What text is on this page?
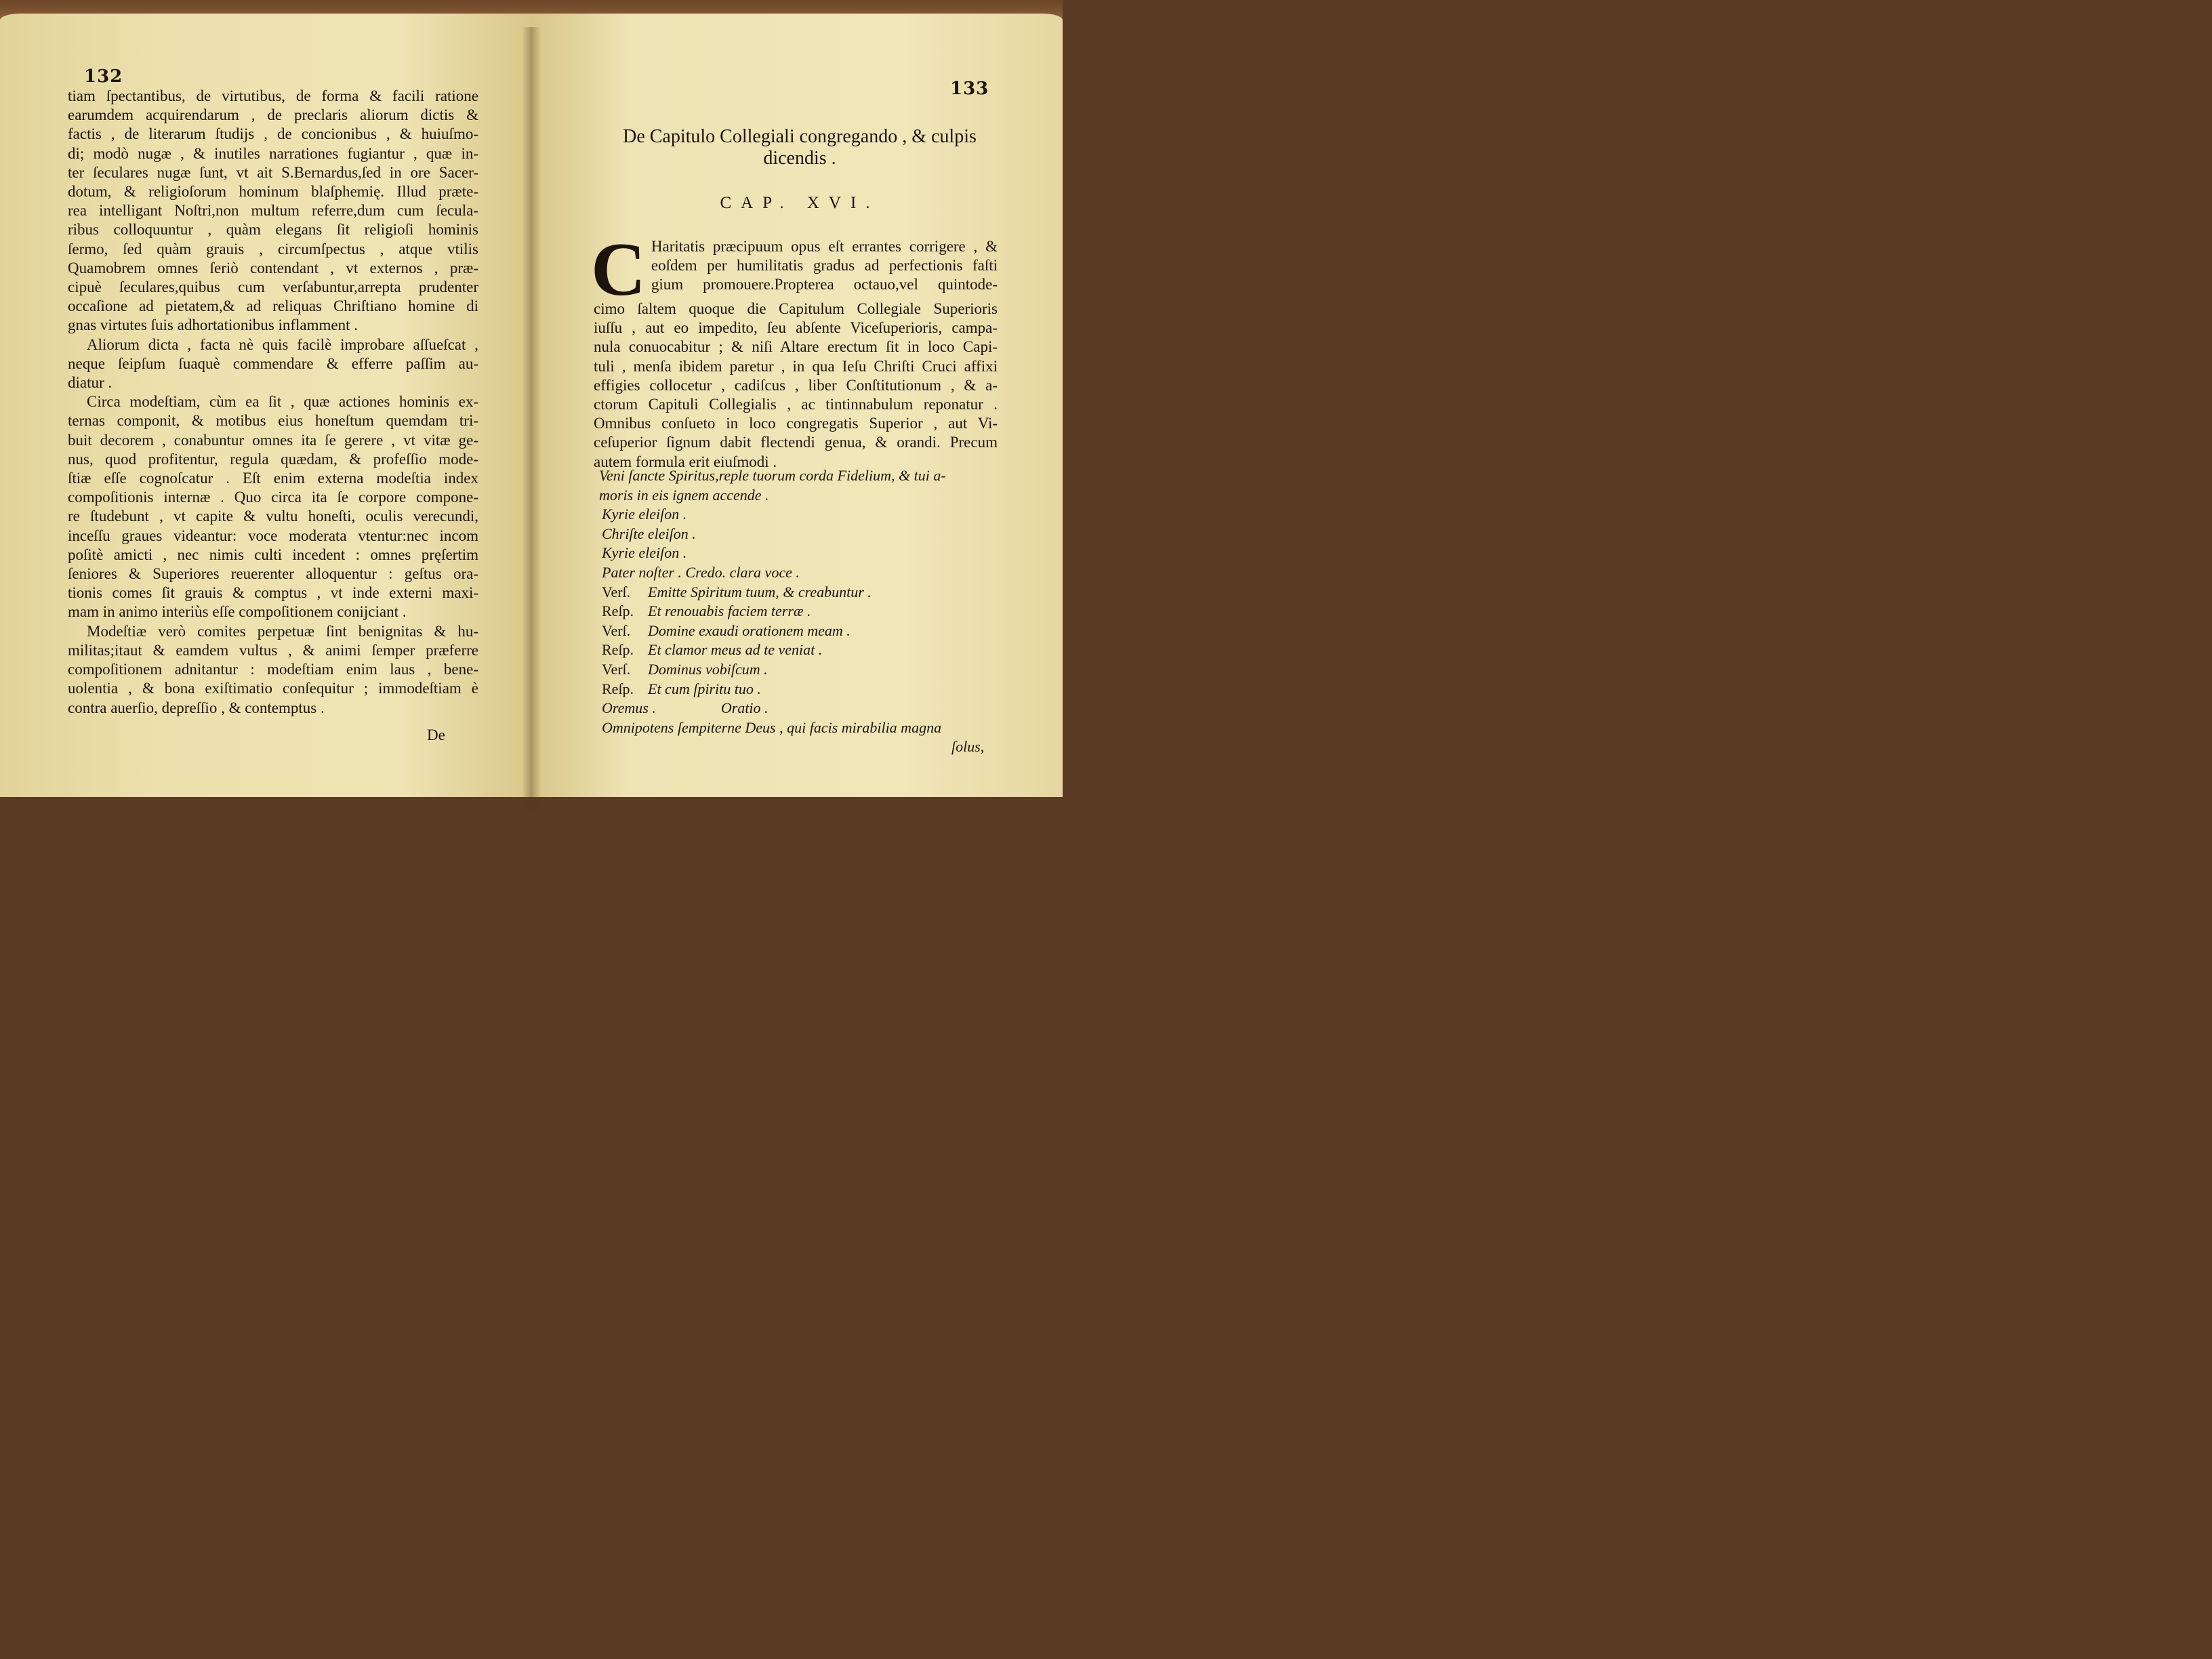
132
tiam ſpectantibus, de virtutibus, de forma & facili ratione
earumdem acquirendarum , de preclaris aliorum dictis &
factis , de literarum ſtudijs , de concionibus , & huiuſmo-
di; modò nugæ , & inutiles narrationes fugiantur , quæ in-
ter ſeculares nugæ ſunt, vt ait S.Bernardus,ſed in ore Sacer-
dotum, & religioſorum hominum blaſphemię. Illud præte-
rea intelligant Noſtri,non multum referre,dum cum ſecula-
ribus colloquuntur , quàm elegans ſit religioſi hominis
ſermo, ſed quàm grauis , circumſpectus , atque vtilis
Quamobrem omnes ſeriò contendant , vt externos , præ-
cipuè ſeculares,quibus cum verſabuntur,arrepta prudenter
occaſione ad pietatem,& ad reliquas Chriſtiano homine di
gnas virtutes ſuis adhortationibus inflamment .
Aliorum dicta , facta nè quis facilè improbare aſſueſcat ,
neque ſeipſum ſuaquè commendare & efferre paſſim au-
diatur .
Circa modeſtiam, cùm ea ſit , quæ actiones hominis ex-
ternas componit, & motibus eius honeſtum quemdam tri-
buit decorem , conabuntur omnes ita ſe gerere , vt vitæ ge-
nus, quod profitentur, regula quædam, & profeſſio mode-
ſtiæ eſſe cognoſcatur . Eſt enim externa modeſtia index
compoſitionis internæ . Quo circa ita ſe corpore compone-
re ſtudebunt , vt capite & vultu honeſti, oculis verecundi,
inceſſu graues videantur: voce moderata vtentur:nec incom
poſitè amicti , nec nimis culti incedent : omnes pręſertim
ſeniores & Superiores reuerenter alloquentur : geſtus ora-
tionis comes ſit grauis & comptus , vt inde externi maxi-
mam in animo interiùs eſſe compoſitionem conijciant .
Modeſtiæ verò comites perpetuæ ſint benignitas & hu-
militas;itaut & eamdem vultus , & animi ſemper præferre
compoſitionem adnitantur : modeſtiam enim laus , bene-
uolentia , & bona exiſtimatio conſequitur ; immodeſtiam è
contra auerſio, depreſſio , & contemptus .
De
133
De Capitulo Collegiali congregando , & culpis
dicendis .
CAP. XVI.
C Haritatis præcipuum opus eſt errantes corrigere , &
eoſdem per humilitatis gradus ad perfectionis faſti
gium promouere.Propterea octauo,vel quintode-
cimo ſaltem quoque die Capitulum Collegiale Superioris
iuſſu , aut eo impedito, ſeu abſente Viceſuperioris, campa-
nula conuocabitur ; & niſi Altare erectum ſit in loco Capi-
tuli , menſa ibidem paretur , in qua Ieſu Chriſti Cruci affixi
effigies collocetur , cadiſcus , liber Conſtitutionum , & a-
ctorum Capituli Collegialis , ac tintinnabulum reponatur .
Omnibus conſueto in loco congregatis Superior , aut Vi-
ceſuperior ſignum dabit flectendi genua, & orandi. Precum
autem formula erit eiuſmodi .
Veni ſancte Spiritus,reple tuorum corda Fidelium, & tui a-
moris in eis ignem accende .
Kyrie eleiſon .
Chriſte eleiſon .
Kyrie eleiſon .
Pater noſter . Credo. clara voce .
Verſ. Emitte Spiritum tuum, & creabuntur .
Reſp. Et renouabis faciem terræ .
Verſ. Domine exaudi orationem meam .
Reſp. Et clamor meus ad te veniat .
Verſ. Dominus vobiſcum .
Reſp. Et cum ſpiritu tuo .
Oremus .	Oratio .
Omnipotens ſempiterne Deus , qui facis mirabilia magna
ſolus,
